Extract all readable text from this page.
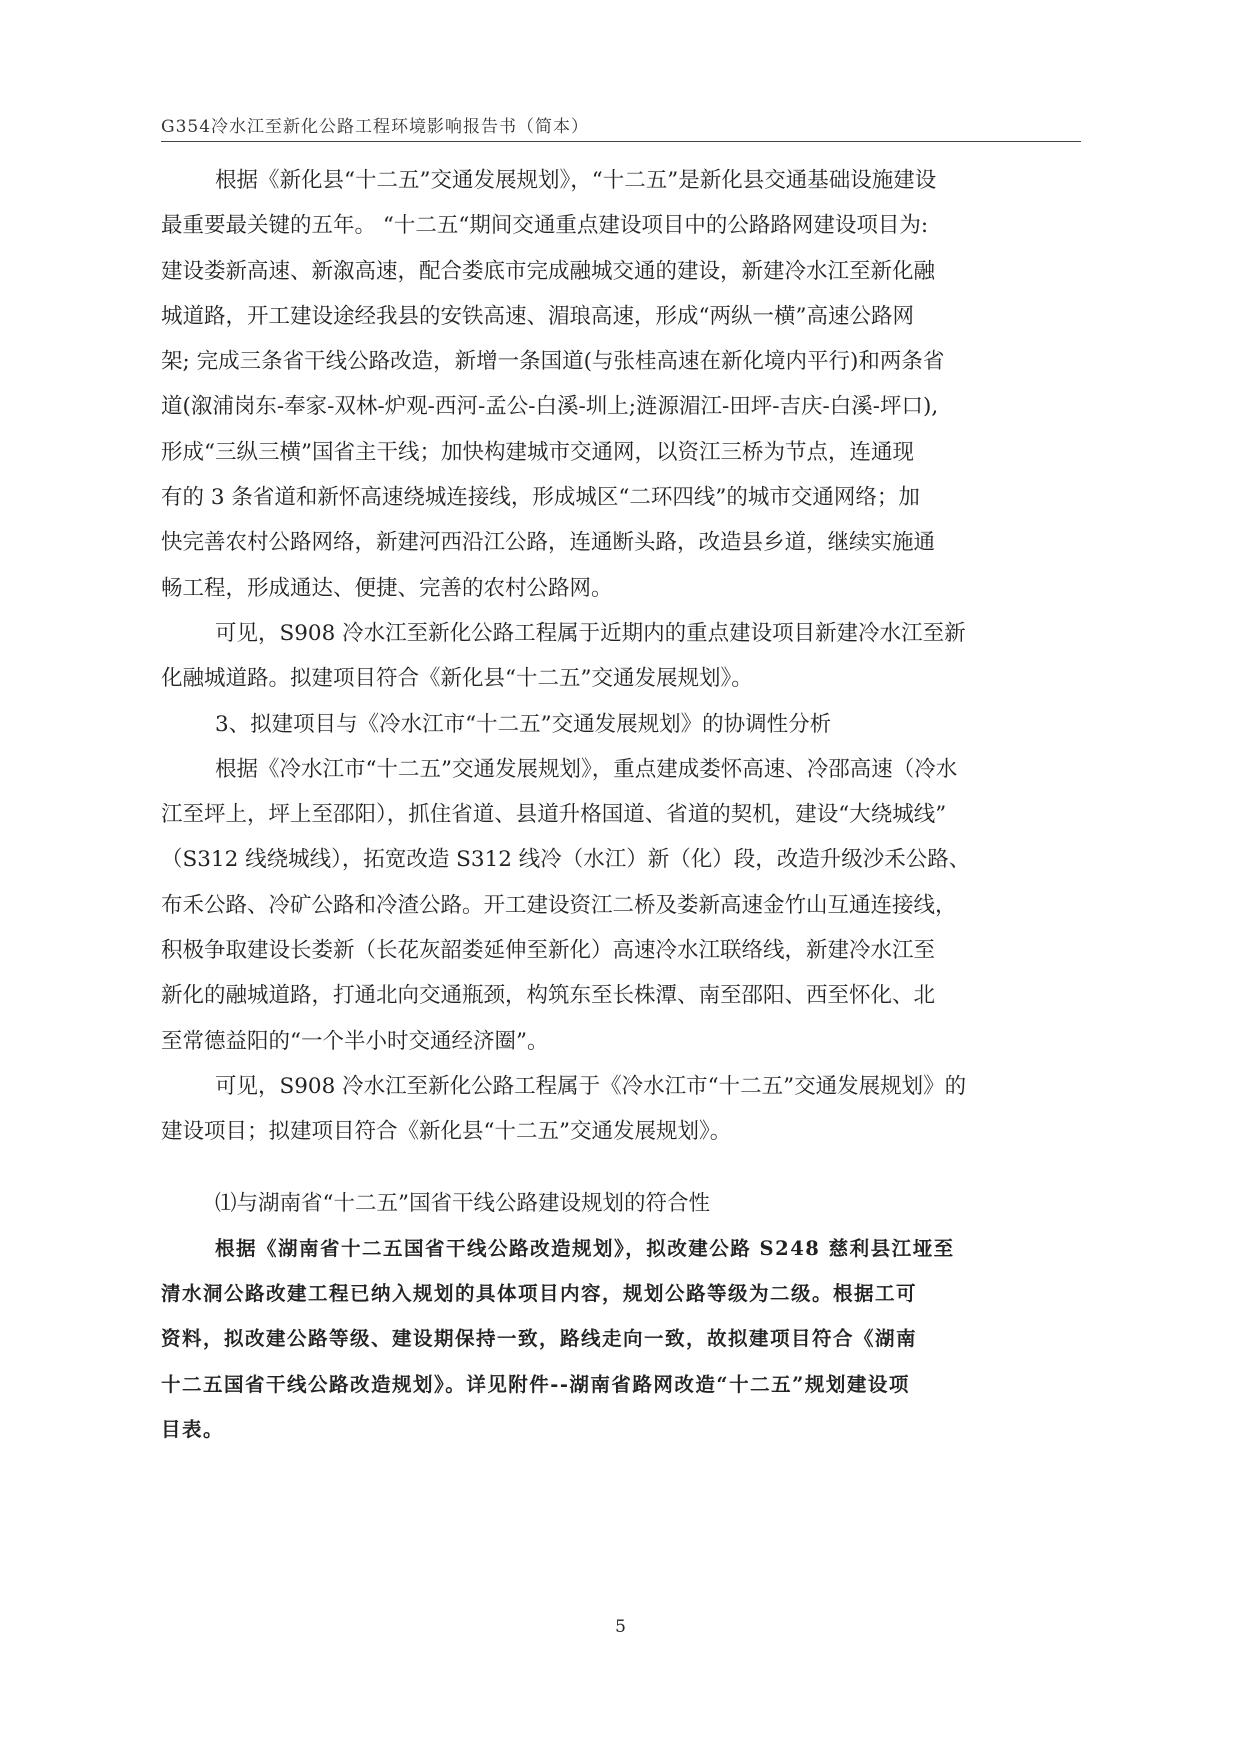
G354冷水江至新化公路工程环境影响报告书（简本）
根据《新化县“十二五”交通发展规划》，“十二五”是新化县交通基础设施建设
最重要最关键的五年。 “十二五“期间交通重点建设项目中的公路路网建设项目为:
建设娄新高速、新溆高速，配合娄底市完成融城交通的建设，新建冷水江至新化融
城道路，开工建设途经我县的安铁高速、湄琅高速，形成“两纵一横”高速公路网
架; 完成三条省干线公路改造，新增一条国道(与张桂高速在新化境内平行)和两条省
道(溆浦岗东-奉家-双林-炉观-西河-孟公-白溪-圳上;涟源湄江-田坪-吉庆-白溪-坪口),
形成“三纵三横”国省主干线；加快构建城市交通网，以资江三桥为节点，连通现
有的 3 条省道和新怀高速绕城连接线，形成城区“二环四线”的城市交通网络；加
快完善农村公路网络，新建河西沿江公路，连通断头路，改造县乡道，继续实施通
畅工程，形成通达、便捷、完善的农村公路网。
可见，S908 冷水江至新化公路工程属于近期内的重点建设项目新建冷水江至新
化融城道路。拟建项目符合《新化县“十二五”交通发展规划》。
3、拟建项目与《冷水江市“十二五”交通发展规划》的协调性分析
根据《冷水江市“十二五”交通发展规划》，重点建成娄怀高速、冷邵高速（冷水
江至坪上，坪上至邵阳），抓住省道、县道升格国道、省道的契机，建设“大绕城线”
（S312 线绕城线），拓宽改造 S312 线冷（水江）新（化）段，改造升级沙禾公路、
布禾公路、冷矿公路和冷渣公路。开工建设资江二桥及娄新高速金竹山互通连接线，
积极争取建设长娄新（长花灰韶娄延伸至新化）高速冷水江联络线，新建冷水江至
新化的融城道路，打通北向交通瓶颈，构筑东至长株潭、南至邵阳、西至怀化、北
至常德益阳的“一个半小时交通经济圈”。
可见，S908 冷水江至新化公路工程属于《冷水江市“十二五”交通发展规划》的
建设项目；拟建项目符合《新化县“十二五”交通发展规划》。
⑴与湖南省“十二五”国省干线公路建设规划的符合性
根据《湖南省十二五国省干线公路改造规划》，拟改建公路 S248 慈利县江垭至
清水洞公路改建工程已纳入规划的具体项目内容，规划公路等级为二级。根据工可
资料，拟改建公路等级、建设期保持一致，路线走向一致，故拟建项目符合《湖南
十二五国省干线公路改造规划》。详见附件--湖南省路网改造“十二五”规划建设项
目表。
5
